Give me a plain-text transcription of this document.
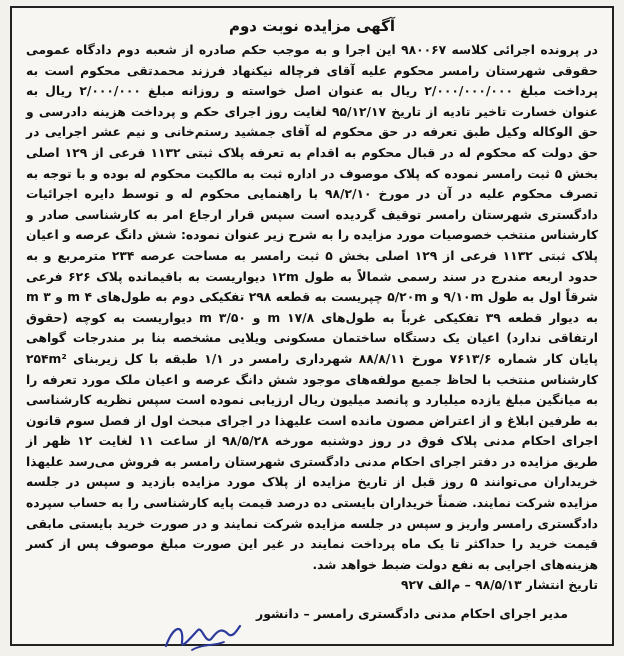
آگهی مزایده نوبت دوم

در پرونده اجرائی کلاسه ۹۸۰۰۶۷ این اجرا و به موجب حکم صادره از شعبه دوم دادگاه عمومی حقوقی شهرستان رامسر محکوم علیه آقای فرچاله نیکنهاد فرزند محمدتقی محکوم است به پرداخت مبلغ ۲/۰۰۰/۰۰۰/۰۰۰ ریال به عنوان اصل خواسته و روزانه مبلغ ۲/۰۰۰/۰۰۰ ریال به عنوان خسارت تاخیر تادیه از تاریخ ۹۵/۱۲/۱۷ لغایت روز اجرای حکم و پرداخت هزینه دادرسی و حق الوکاله وکیل طبق تعرفه در حق محکوم له آقای جمشید رستم‌خانی و نیم عشر اجرایی در حق دولت که محکوم له در قبال محکوم به اقدام به تعرفه پلاک ثبتی ۱۱۳۲ فرعی از ۱۲۹ اصلی بخش ۵ ثبت رامسر نموده که پلاک موصوف در اداره ثبت به مالکیت محکوم له بوده و با توجه به تصرف محکوم علیه در آن در مورخ ۹۸/۲/۱۰ با راهنمایی محکوم له و توسط دایره اجرائیات دادگستری شهرستان رامسر توقیف گردیده است سپس قرار ارجاع امر به کارشناسی صادر و کارشناس منتخب خصوصیات مورد مزایده را به شرح زیر عنوان نموده: شش دانگ عرصه و اعیان پلاک ثبتی ۱۱۳۲ فرعی از ۱۲۹ اصلی بخش ۵ ثبت رامسر به مساحت عرصه ۲۳۴ مترمربع و به حدود اربعه مندرج در سند رسمی شمالاً به طول ۱۲m دیواریست به باقیمانده پلاک ۶۲۶ فرعی شرقاً اول به طول ۹/۱۰m و ۵/۲۰m چپریست به قطعه ۲۹۸ تفکیکی دوم به طول‌های m ۴ و ۳ m به دیوار قطعه ۳۹ تفکیکی غرباً به طول‌های ۱۷/۸ m و ۳/۵۰ m دیواریست به کوچه (حقوق ارتفاقی ندارد) اعیان یک دستگاه ساختمان مسکونی ویلایی مشخصه بنا بر مندرجات گواهی پایان کار شماره ۷۶۱۳/۶ مورخ ۸۸/۸/۱۱ شهرداری رامسر در ۱/۱ طبقه با کل زیربنای ۲۵۴m² کارشناس منتخب با لحاظ جمیع مولفه‌های موجود شش دانگ عرصه و اعیان ملک مورد تعرفه را به میانگین مبلغ یازده میلیارد و پانصد میلیون ریال ارزیابی نموده است سپس نظریه کارشناسی به طرفین ابلاغ و از اعتراض مصون مانده است علیهذا در اجرای مبحث اول از فصل سوم قانون اجرای احکام مدنی پلاک فوق در روز دوشنبه مورخه ۹۸/۵/۲۸ از ساعت ۱۱ لغایت ۱۲ ظهر از طریق مزایده در دفتر اجرای احکام مدنی دادگستری شهرستان رامسر به فروش می‌رسد علیهذا خریداران می‌توانند ۵ روز قبل از تاریخ مزایده از پلاک مورد مزایده بازدید و سپس در جلسه مزایده شرکت نمایند. ضمناً خریداران بایستی ده درصد قیمت پایه کارشناسی را به حساب سپرده دادگستری رامسر واریز و سپس در جلسه مزایده شرکت نمایند و در صورت خرید بایستی مابقی قیمت خرید را حداکثر تا یک ماه پرداخت نمایند در غیر این صورت مبلغ موصوف پس از کسر هزینه‌های اجرایی به نفع دولت ضبط خواهد شد.

تاریخ انتشار ۹۸/۵/۱۳ – م‌الف ۹۲۷

مدیر اجرای احکام مدنی دادگستری رامسر – دانشور
